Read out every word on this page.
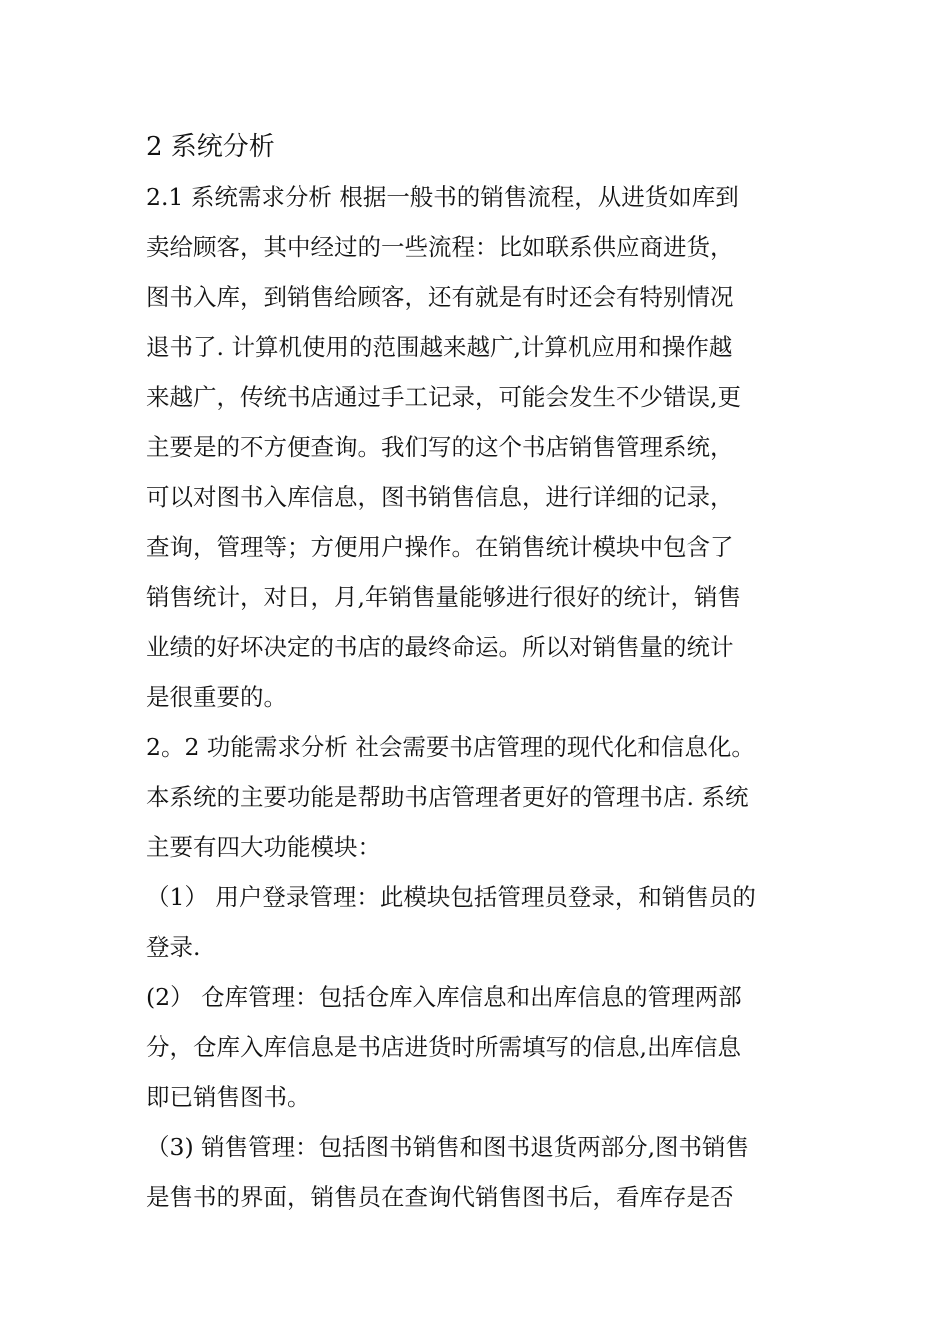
2 系统分析
2.1 系统需求分析 根据一般书的销售流程，从进货如库到
卖给顾客，其中经过的一些流程：比如联系供应商进货，
图书入库，到销售给顾客，还有就是有时还会有特别情况
退书了. 计算机使用的范围越来越广,计算机应用和操作越
来越广，传统书店通过手工记录，可能会发生不少错误,更
主要是的不方便查询。我们写的这个书店销售管理系统，
可以对图书入库信息，图书销售信息，进行详细的记录，
查询，管理等；方便用户操作。在销售统计模块中包含了
销售统计，对日，月,年销售量能够进行很好的统计，销售
业绩的好坏决定的书店的最终命运。所以对销售量的统计
是很重要的。
2。2 功能需求分析 社会需要书店管理的现代化和信息化。
本系统的主要功能是帮助书店管理者更好的管理书店. 系统
主要有四大功能模块：
（1） 用户登录管理：此模块包括管理员登录，和销售员的
登录.
(2） 仓库管理：包括仓库入库信息和出库信息的管理两部
分，仓库入库信息是书店进货时所需填写的信息,出库信息
即已销售图书。
（3) 销售管理：包括图书销售和图书退货两部分,图书销售
是售书的界面，销售员在查询代销售图书后，看库存是否
